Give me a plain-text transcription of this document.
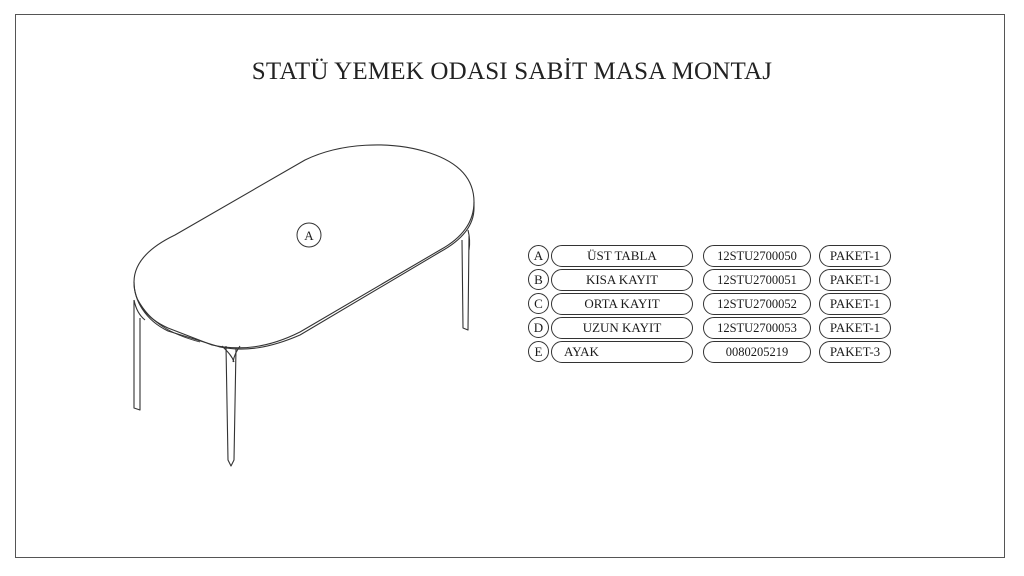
STATÜ YEMEK ODASI SABİT MASA MONTAJ
A
A	ÜST TABLA	12STU2700050	PAKET-1
B	KISA KAYIT	12STU2700051	PAKET-1
C	ORTA KAYIT	12STU2700052	PAKET-1
D	UZUN KAYIT	12STU2700053	PAKET-1
E	AYAK	0080205219	PAKET-3
